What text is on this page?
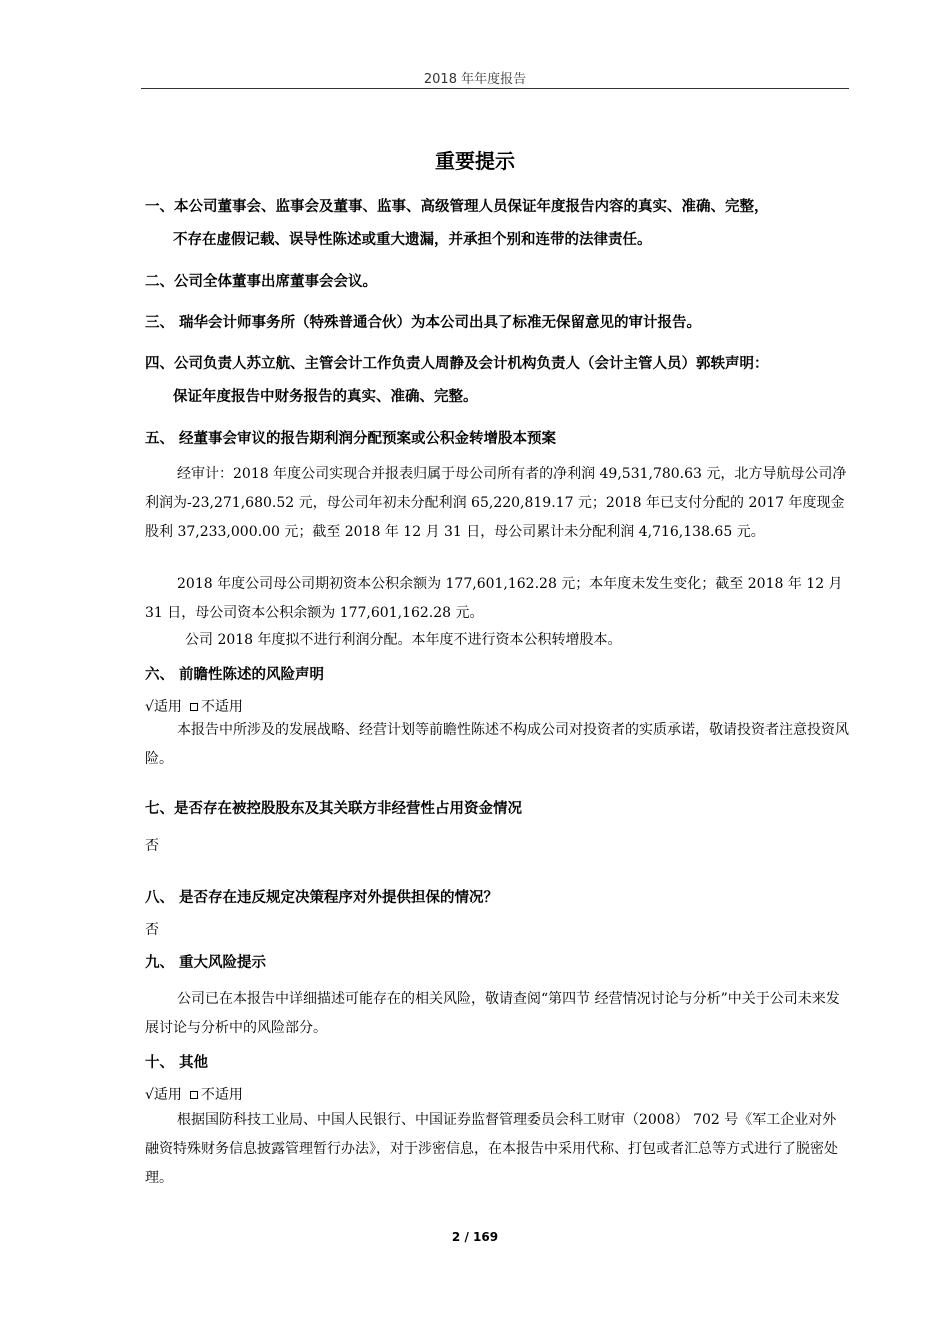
2018 年年度报告
重要提示
一、本公司董事会、监事会及董事、监事、高级管理人员保证年度报告内容的真实、准确、完整，
不存在虚假记载、误导性陈述或重大遗漏，并承担个别和连带的法律责任。
二、公司全体董事出席董事会会议。
三、 瑞华会计师事务所（特殊普通合伙）为本公司出具了标准无保留意见的审计报告。
四、公司负责人苏立航、主管会计工作负责人周静及会计机构负责人（会计主管人员）郭轶声明：
保证年度报告中财务报告的真实、准确、完整。
五、 经董事会审议的报告期利润分配预案或公积金转增股本预案

经审计：2018 年度公司实现合并报表归属于母公司所有者的净利润 49,531,780.63 元，北方导航母公司净利润为-23,271,680.52 元，母公司年初未分配利润 65,220,819.17 元；2018 年已支付分配的 2017 年度现金股利 37,233,000.00 元；截至 2018 年 12 月 31 日，母公司累计未分配利润 4,716,138.65 元。

2018 年度公司母公司期初资本公积余额为 177,601,162.28 元；本年度未发生变化；截至 2018 年 12 月 31 日，母公司资本公积余额为 177,601,162.28 元。

公司 2018 年度拟不进行利润分配。本年度不进行资本公积转增股本。

六、 前瞻性陈述的风险声明
√适用 不适用

本报告中所涉及的发展战略、经营计划等前瞻性陈述不构成公司对投资者的实质承诺，敬请投资者注意投资风险。

七、是否存在被控股股东及其关联方非经营性占用资金情况
否
八、 是否存在违反规定决策程序对外提供担保的情况？
否
九、 重大风险提示

公司已在本报告中详细描述可能存在的相关风险，敬请查阅“第四节 经营情况讨论与分析”中关于公司未来发展讨论与分析中的风险部分。

十、 其他
√适用 不适用

根据国防科技工业局、中国人民银行、中国证券监督管理委员会科工财审（2008） 702 号《军工企业对外融资特殊财务信息披露管理暂行办法》，对于涉密信息，在本报告中采用代称、打包或者汇总等方式进行了脱密处理。

2 / 169
